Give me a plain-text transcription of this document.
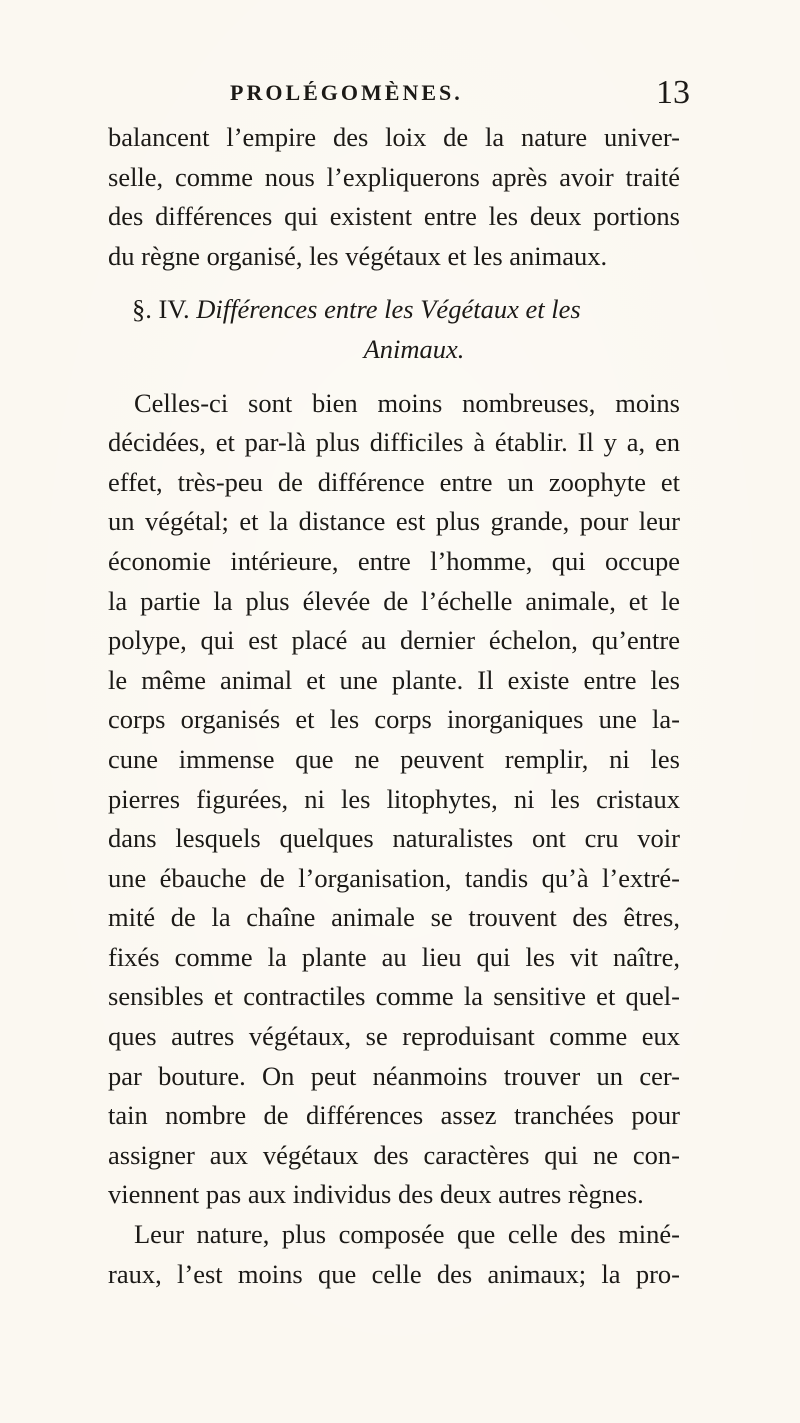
PROLÉGOMÈNES.	13
balancent l’empire des loix de la nature univer-
selle, comme nous l’expliquerons après avoir traité
des différences qui existent entre les deux portions
du règne organisé, les végétaux et les animaux.
§. IV. Différences entre les Végétaux et les
Animaux.
Celles-ci sont bien moins nombreuses, moins
décidées, et par-là plus difficiles à établir. Il y a, en
effet, très-peu de différence entre un zoophyte et
un végétal; et la distance est plus grande, pour leur
économie intérieure, entre l’homme, qui occupe
la partie la plus élevée de l’échelle animale, et le
polype, qui est placé au dernier échelon, qu’entre
le même animal et une plante. Il existe entre les
corps organisés et les corps inorganiques une la-
cune immense que ne peuvent remplir, ni les
pierres figurées, ni les litophytes, ni les cristaux
dans lesquels quelques naturalistes ont cru voir
une ébauche de l’organisation, tandis qu’à l’extré-
mité de la chaîne animale se trouvent des êtres,
fixés comme la plante au lieu qui les vit naître,
sensibles et contractiles comme la sensitive et quel-
ques autres végétaux, se reproduisant comme eux
par bouture. On peut néanmoins trouver un cer-
tain nombre de différences assez tranchées pour
assigner aux végétaux des caractères qui ne con-
viennent pas aux individus des deux autres règnes.
Leur nature, plus composée que celle des miné-
raux, l’est moins que celle des animaux; la pro-
